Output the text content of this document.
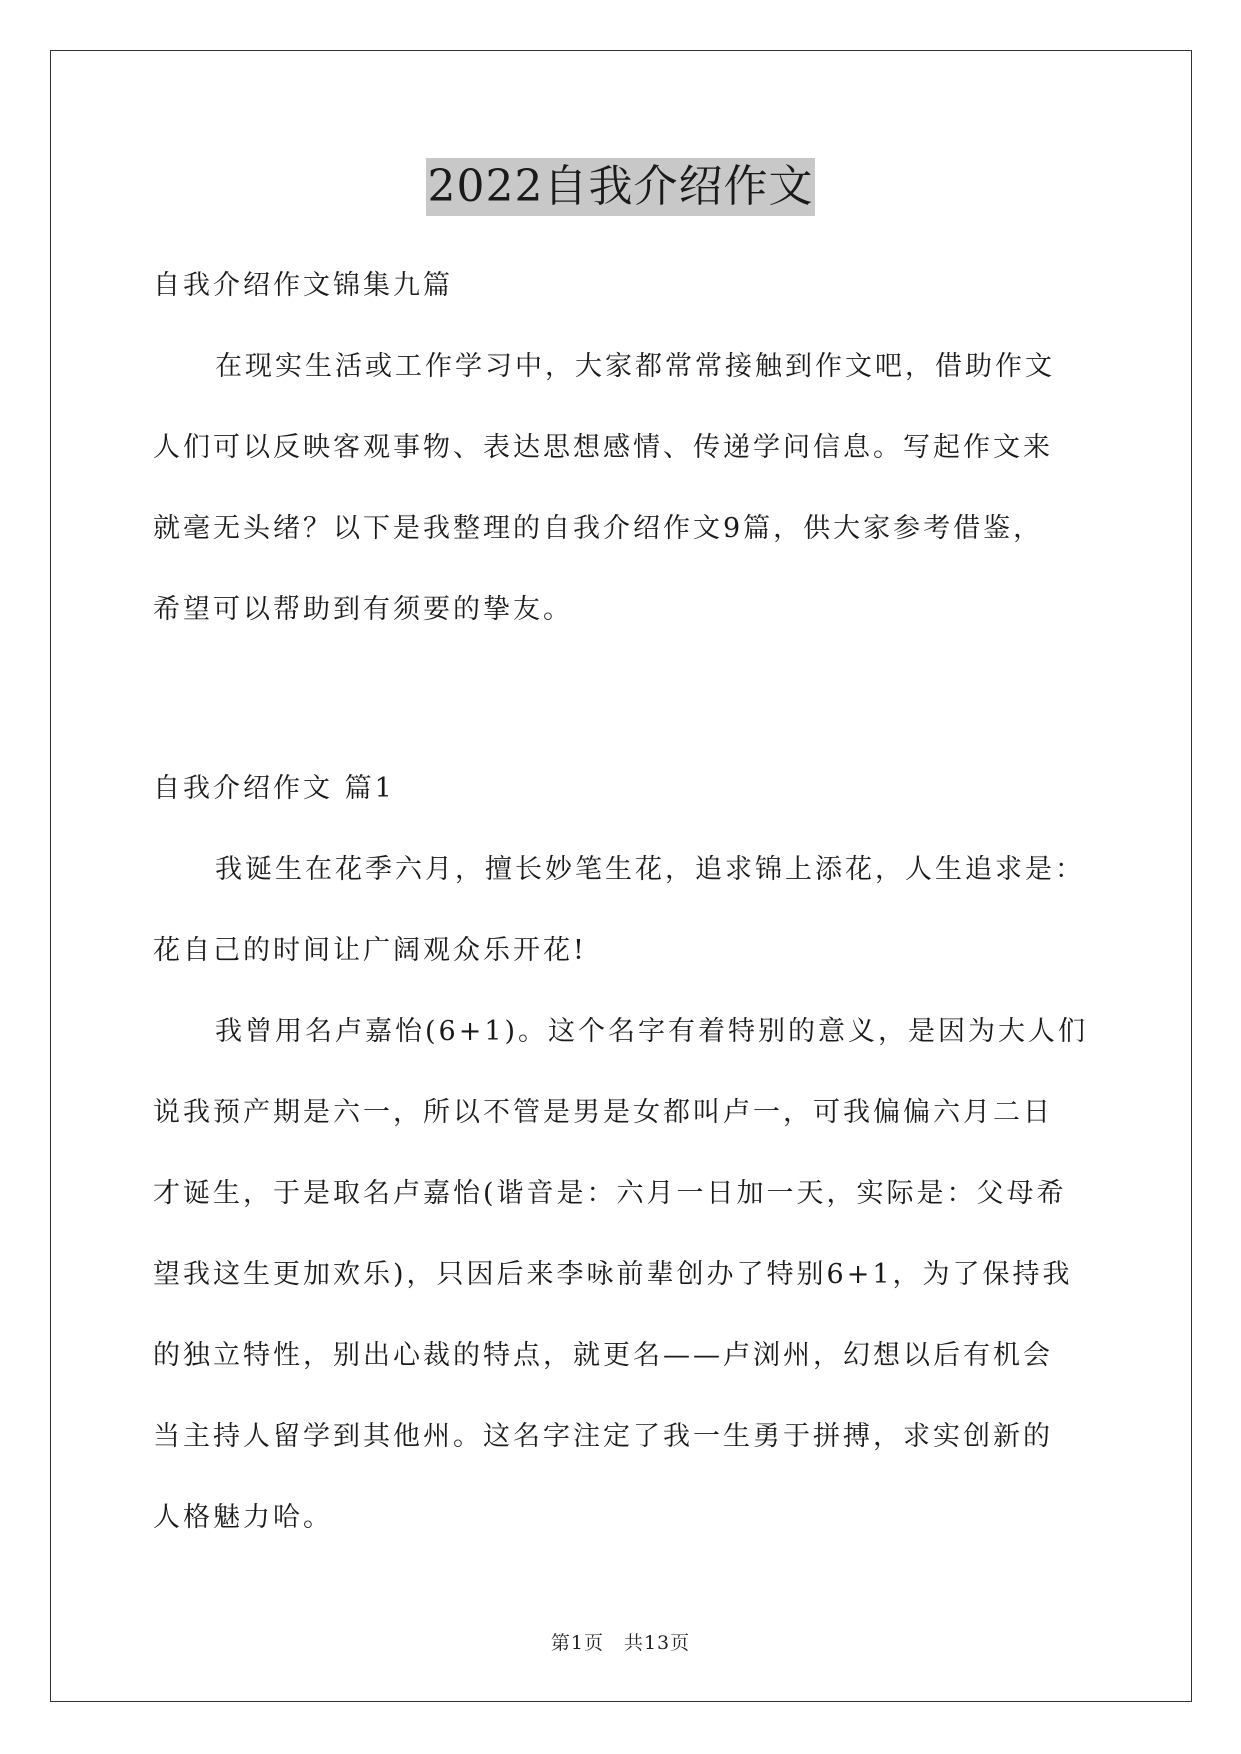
2022自我介绍作文
自我介绍作文锦集九篇
在现实生活或工作学习中，大家都常常接触到作文吧，借助作文
人们可以反映客观事物、表达思想感情、传递学问信息。写起作文来
就毫无头绪？以下是我整理的自我介绍作文9篇，供大家参考借鉴，
希望可以帮助到有须要的挚友。
自我介绍作文 篇1
我诞生在花季六月，擅长妙笔生花，追求锦上添花，人生追求是：
花自己的时间让广阔观众乐开花!
我曾用名卢嘉怡(6+1)。这个名字有着特别的意义，是因为大人们
说我预产期是六一，所以不管是男是女都叫卢一，可我偏偏六月二日
才诞生，于是取名卢嘉怡(谐音是：六月一日加一天，实际是：父母希
望我这生更加欢乐)，只因后来李咏前辈创办了特别6+1，为了保持我
的独立特性，别出心裁的特点，就更名——卢浏州，幻想以后有机会
当主持人留学到其他州。这名字注定了我一生勇于拼搏，求实创新的
人格魅力哈。
第1页　共13页
